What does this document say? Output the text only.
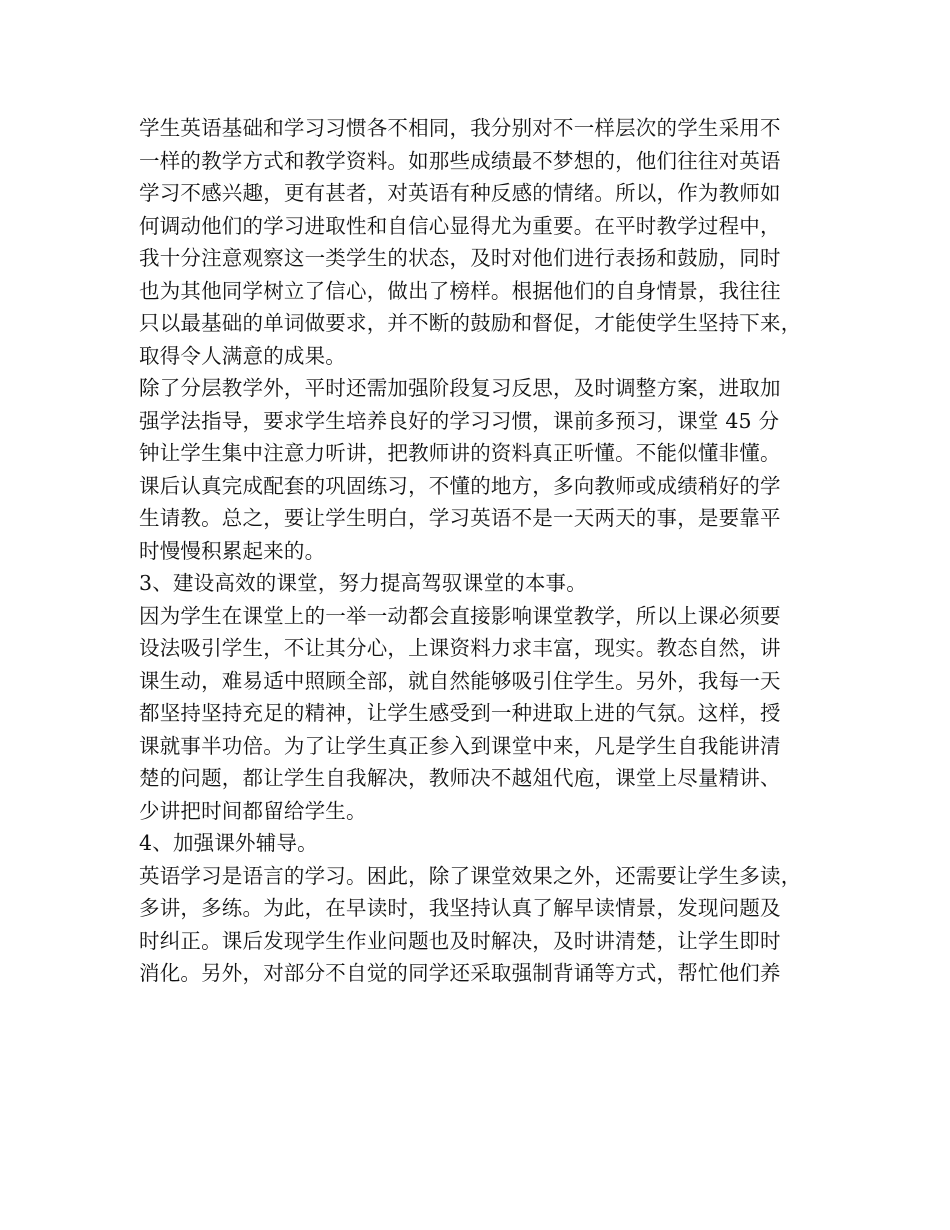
学生英语基础和学习习惯各不相同，我分别对不一样层次的学生采用不
一样的教学方式和教学资料。如那些成绩最不梦想的，他们往往对英语
学习不感兴趣，更有甚者，对英语有种反感的情绪。所以，作为教师如
何调动他们的学习进取性和自信心显得尤为重要。在平时教学过程中，
我十分注意观察这一类学生的状态，及时对他们进行表扬和鼓励，同时
也为其他同学树立了信心，做出了榜样。根据他们的自身情景，我往往
只以最基础的单词做要求，并不断的鼓励和督促，才能使学生坚持下来，
取得令人满意的成果。
除了分层教学外，平时还需加强阶段复习反思，及时调整方案，进取加
强学法指导，要求学生培养良好的学习习惯，课前多预习，课堂 45 分
钟让学生集中注意力听讲，把教师讲的资料真正听懂。不能似懂非懂。
课后认真完成配套的巩固练习，不懂的地方，多向教师或成绩稍好的学
生请教。总之，要让学生明白，学习英语不是一天两天的事，是要靠平
时慢慢积累起来的。
3、建设高效的课堂，努力提高驾驭课堂的本事。
因为学生在课堂上的一举一动都会直接影响课堂教学，所以上课必须要
设法吸引学生，不让其分心，上课资料力求丰富，现实。教态自然，讲
课生动，难易适中照顾全部，就自然能够吸引住学生。另外，我每一天
都坚持坚持充足的精神，让学生感受到一种进取上进的气氛。这样，授
课就事半功倍。为了让学生真正参入到课堂中来，凡是学生自我能讲清
楚的问题，都让学生自我解决，教师决不越俎代庖，课堂上尽量精讲、
少讲把时间都留给学生。
4、加强课外辅导。
英语学习是语言的学习。困此，除了课堂效果之外，还需要让学生多读，
多讲，多练。为此，在早读时，我坚持认真了解早读情景，发现问题及
时纠正。课后发现学生作业问题也及时解决，及时讲清楚，让学生即时
消化。另外，对部分不自觉的同学还采取强制背诵等方式，帮忙他们养
